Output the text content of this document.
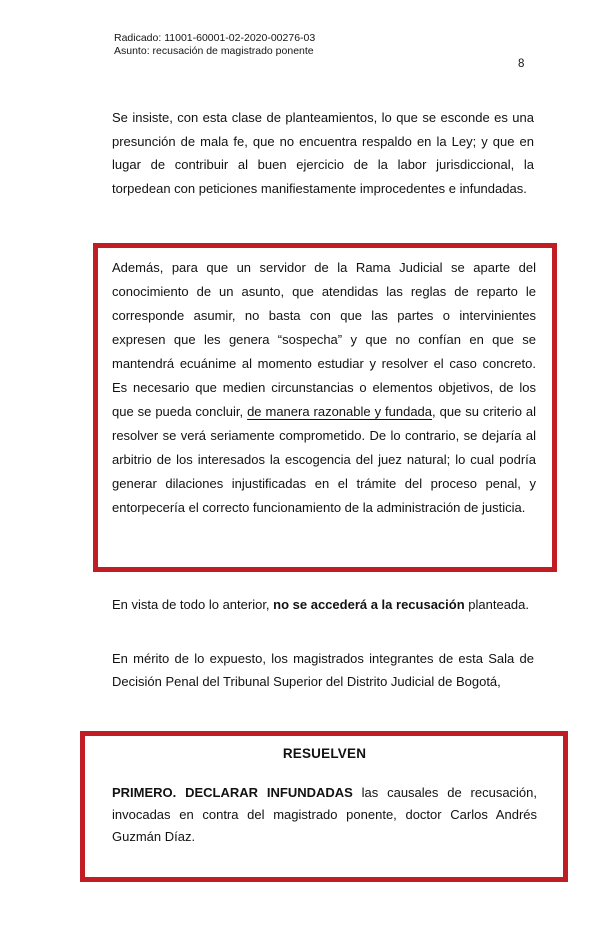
Radicado: 11001-60001-02-2020-00276-03
Asunto: recusación de magistrado ponente
8

Se insiste, con esta clase de planteamientos, lo que se esconde es una presunción de mala fe, que no encuentra respaldo en la Ley; y que en lugar de contribuir al buen ejercicio de la labor jurisdiccional, la torpedean con peticiones manifiestamente improcedentes e infundadas.

Además, para que un servidor de la Rama Judicial se aparte del conocimiento de un asunto, que atendidas las reglas de reparto le corresponde asumir, no basta con que las partes o intervinientes expresen que les genera “sospecha” y que no confían en que se mantendrá ecuánime al momento estudiar y resolver el caso concreto. Es necesario que medien circunstancias o elementos objetivos, de los que se pueda concluir, de manera razonable y fundada, que su criterio al resolver se verá seriamente comprometido. De lo contrario, se dejaría al arbitrio de los interesados la escogencia del juez natural; lo cual podría generar dilaciones injustificadas en el trámite del proceso penal, y entorpecería el correcto funcionamiento de la administración de justicia.

En vista de todo lo anterior, no se accederá a la recusación planteada.

En mérito de lo expuesto, los magistrados integrantes de esta Sala de Decisión Penal del Tribunal Superior del Distrito Judicial de Bogotá,

RESUELVEN

PRIMERO. DECLARAR INFUNDADAS las causales de recusación, invocadas en contra del magistrado ponente, doctor Carlos Andrés Guzmán Díaz.
